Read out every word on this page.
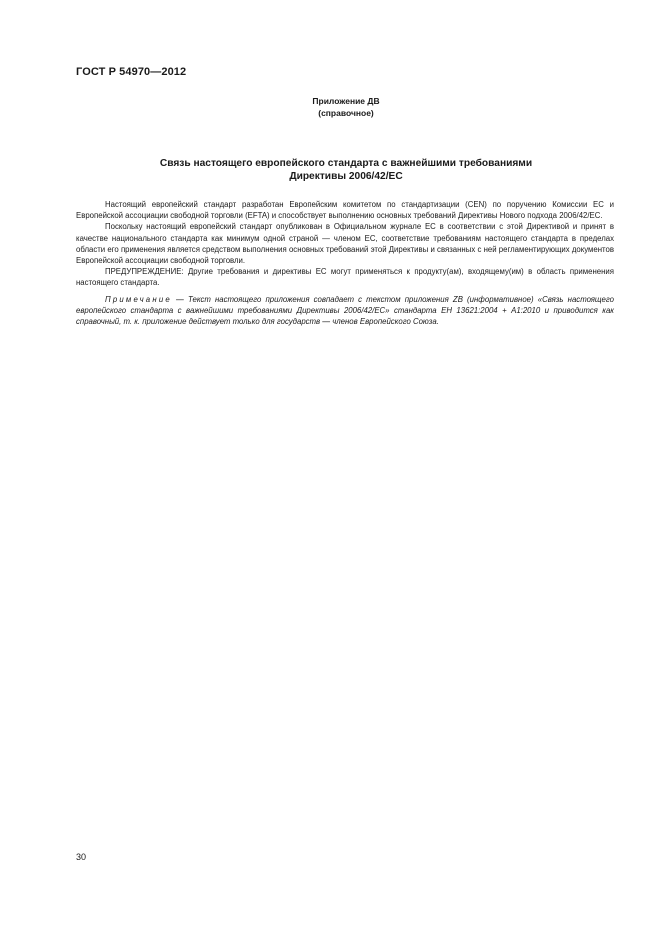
ГОСТ Р 54970—2012
Приложение ДВ
(справочное)
Связь настоящего европейского стандарта с важнейшими требованиями
Директивы 2006/42/ЕС

Настоящий европейский стандарт разработан Европейским комитетом по стандартизации (CEN) по поручению Комиссии ЕС и Европейской ассоциации свободной торговли (EFTA) и способствует выполнению основных требований Директивы Нового подхода 2006/42/ЕС.

Поскольку настоящий европейский стандарт опубликован в Официальном журнале ЕС в соответствии с этой Директивой и принят в качестве национального стандарта как минимум одной страной — членом ЕС, соответствие требованиям настоящего стандарта в пределах области его применения является средством выполнения основных требований этой Директивы и связанных с ней регламентирующих документов Европейской ассоциации свободной торговли.

ПРЕДУПРЕЖДЕНИЕ: Другие требования и директивы ЕС могут применяться к продукту(ам), входящему(им) в область применения настоящего стандарта.

Примечание — Текст настоящего приложения совпадает с текстом приложения ZB (информативное) «Связь настоящего европейского стандарта с важнейшими требованиями Директивы 2006/42/ЕС» стандарта ЕН 13621:2004 + А1:2010 и приводится как справочный, т. к. приложение действует только для государств — членов Европейского Союза.

30
